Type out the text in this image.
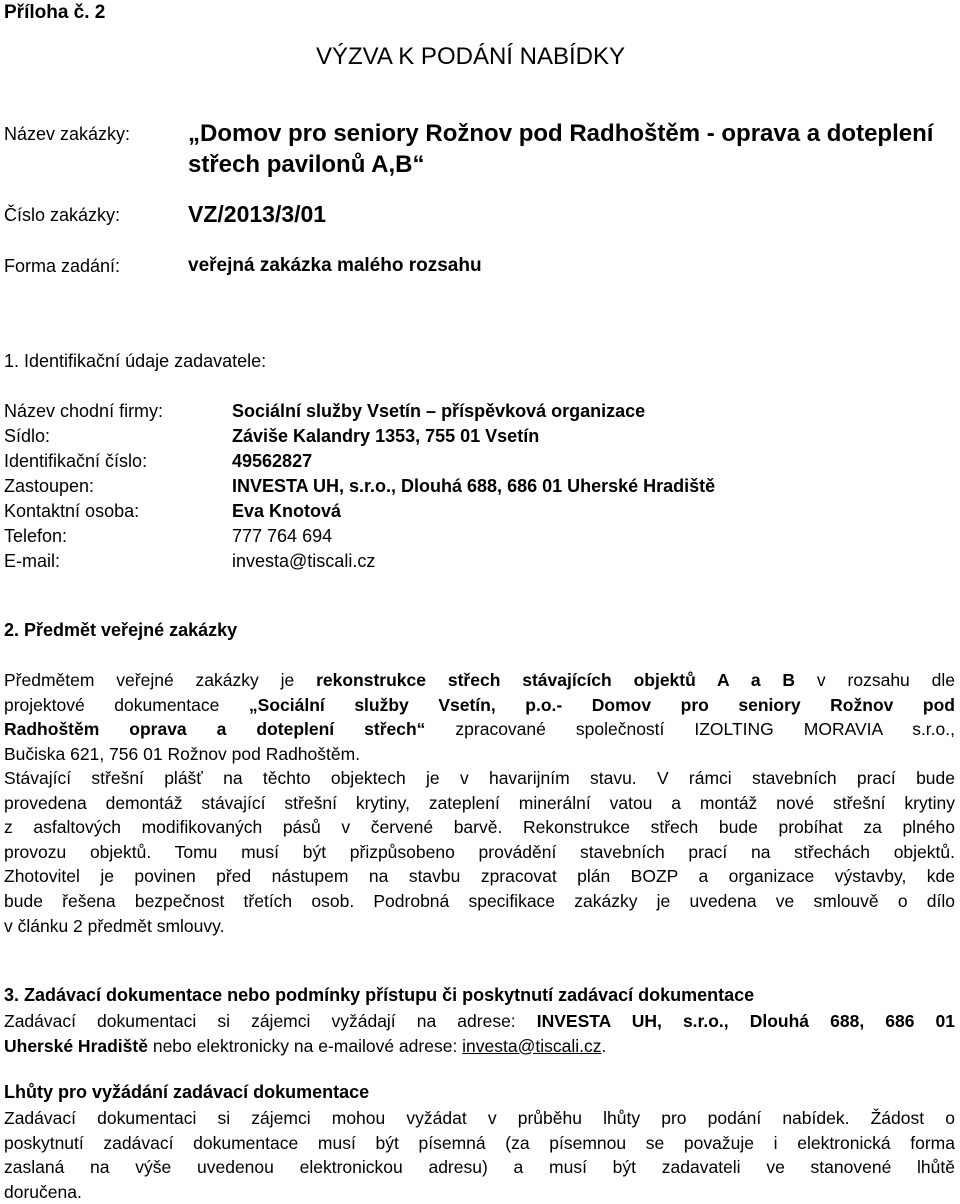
Příloha č. 2
VÝZVA K PODÁNÍ NABÍDKY
Název zakázky: „Domov pro seniory Rožnov pod Radhoštěm - oprava a doteplení
střech pavilonů A,B“
Číslo zakázky:	VZ/2013/3/01
Forma zadání:	veřejná zakázka malého rozsahu
1. Identifikační údaje zadavatele:
Název chodní firmy:	Sociální služby Vsetín – příspěvková organizace
Sídlo:	Záviše Kalandry 1353, 755 01 Vsetín
Identifikační číslo:	49562827
Zastoupen:	INVESTA UH, s.r.o., Dlouhá 688, 686 01 Uherské Hradiště
Kontaktní osoba:	Eva Knotová
Telefon:	777 764 694
E-mail:	investa@tiscali.cz
2. Předmět veřejné zakázky
Předmětem veřejné zakázky je rekonstrukce střech stávajících objektů A a B v rozsahu dle
projektové dokumentace „Sociální služby Vsetín, p.o.- Domov pro seniory Rožnov pod
Radhoštěm oprava a doteplení střech“ zpracované společností IZOLTING MORAVIA s.r.o.,
Bučiska 621, 756 01 Rožnov pod Radhoštěm.
Stávající střešní plášť na těchto objektech je v havarijním stavu. V rámci stavebních prací bude
provedena demontáž stávající střešní krytiny, zateplení minerální vatou a montáž nové střešní krytiny
z asfaltových modifikovaných pásů v červené barvě. Rekonstrukce střech bude probíhat za plného
provozu objektů. Tomu musí být přizpůsobeno provádění stavebních prací na střechách objektů.
Zhotovitel je povinen před nástupem na stavbu zpracovat plán BOZP a organizace výstavby, kde
bude řešena bezpečnost třetích osob. Podrobná specifikace zakázky je uvedena ve smlouvě o dílo
v článku 2 předmět smlouvy.
3. Zadávací dokumentace nebo podmínky přístupu či poskytnutí zadávací dokumentace
Zadávací dokumentaci si zájemci vyžádají na adrese: INVESTA UH, s.r.o., Dlouhá 688, 686 01
Uherské Hradiště nebo elektronicky na e-mailové adrese: investa@tiscali.cz.
Lhůty pro vyžádání zadávací dokumentace
Zadávací dokumentaci si zájemci mohou vyžádat v průběhu lhůty pro podání nabídek. Žádost o
poskytnutí zadávací dokumentace musí být písemná (za písemnou se považuje i elektronická forma
zaslaná na výše uvedenou elektronickou adresu) a musí být zadavateli ve stanovené lhůtě
doručena.
